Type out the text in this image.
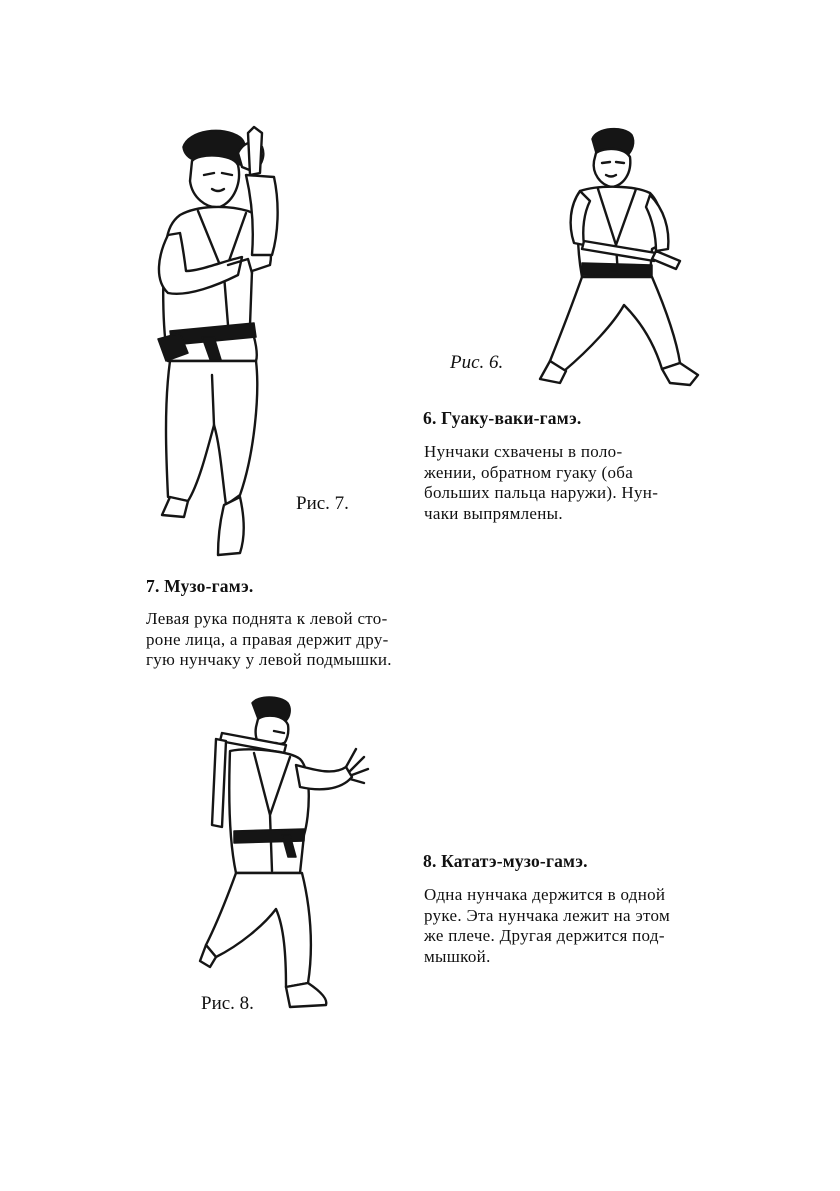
Рис. 7.
Рис. 6.
Рис. 8.
6. Гуаку-ваки-гамэ.
Нунчаки схвачены в поло-
жении, обратном гуаку (оба
больших пальца наружи). Нун-
чаки выпрямлены.
7. Музо-гамэ.
Левая рука поднята к левой сто-
роне лица, а правая держит дру-
гую нунчаку у левой подмышки.
8. Кататэ-музо-гамэ.
Одна нунчака держится в одной
руке. Эта нунчака лежит на этом
же плече. Другая держится под-
мышкой.
